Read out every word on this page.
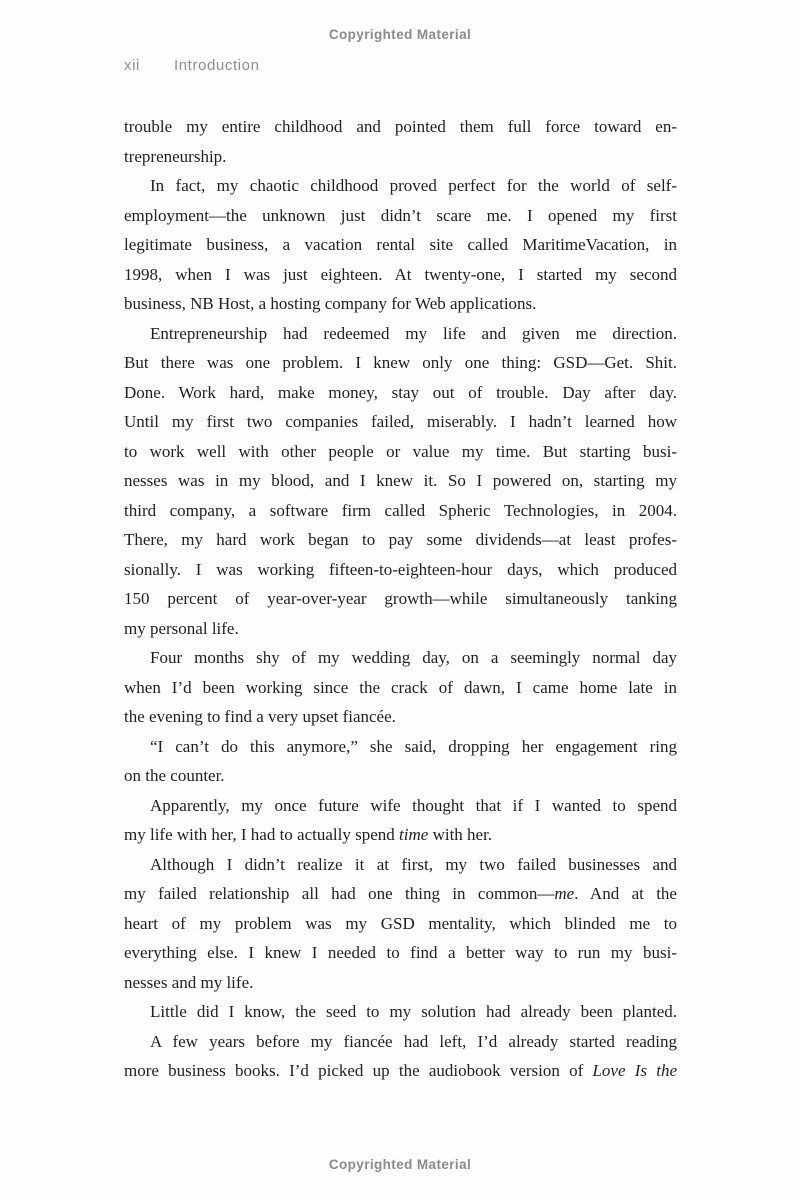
Copyrighted Material
xii Introduction
trouble my entire childhood and pointed them full force toward en-
trepreneurship.
In fact, my chaotic childhood proved perfect for the world of self-
employment—the unknown just didn’t scare me. I opened my first
legitimate business, a vacation rental site called MaritimeVacation, in
1998, when I was just eighteen. At twenty-one, I started my second
business, NB Host, a hosting company for Web applications.
Entrepreneurship had redeemed my life and given me direction.
But there was one problem. I knew only one thing: GSD—Get. Shit.
Done. Work hard, make money, stay out of trouble. Day after day.
Until my first two companies failed, miserably. I hadn’t learned how
to work well with other people or value my time. But starting busi-
nesses was in my blood, and I knew it. So I powered on, starting my
third company, a software firm called Spheric Technologies, in 2004.
There, my hard work began to pay some dividends—at least profes-
sionally. I was working fifteen-to-eighteen-hour days, which produced
150 percent of year-over-year growth—while simultaneously tanking
my personal life.
Four months shy of my wedding day, on a seemingly normal day
when I’d been working since the crack of dawn, I came home late in
the evening to find a very upset fiancée.
“I can’t do this anymore,” she said, dropping her engagement ring
on the counter.
Apparently, my once future wife thought that if I wanted to spend
my life with her, I had to actually spend time with her.
Although I didn’t realize it at first, my two failed businesses and
my failed relationship all had one thing in common—me. And at the
heart of my problem was my GSD mentality, which blinded me to
everything else. I knew I needed to find a better way to run my busi-
nesses and my life.
Little did I know, the seed to my solution had already been planted.
A few years before my fiancée had left, I’d already started reading
more business books. I’d picked up the audiobook version of Love Is the
Copyrighted Material
